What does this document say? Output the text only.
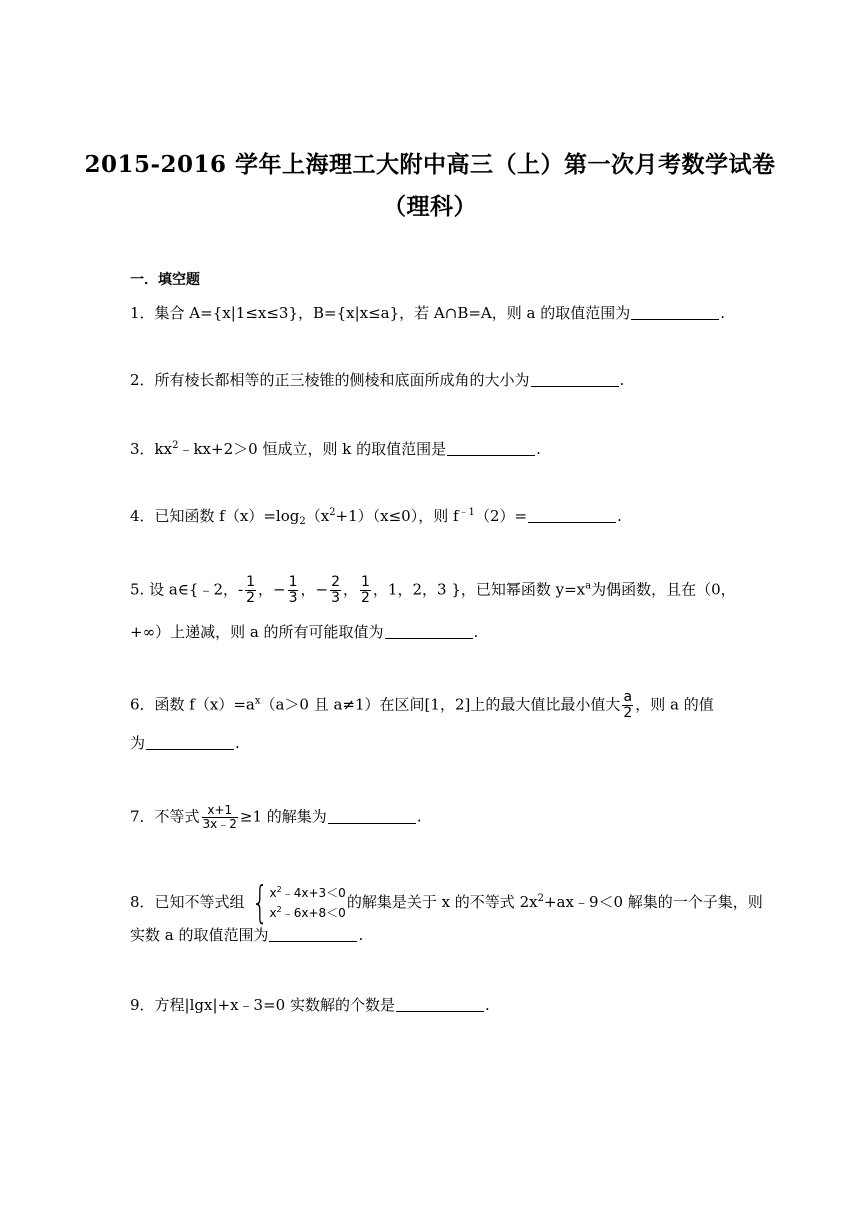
2015-2016 学年上海理工大附中高三（上）第一次月考数学试卷
（理科）
一．填空题
1．集合 A={x|1≤x≤3}，B={x|x≤a}，若 A∩B=A，则 a 的取值范围为	.
2．所有棱长都相等的正三棱锥的侧棱和底面所成角的大小为	.
3．$kx^2﹣kx+2>0$ 恒成立，则 k 的取值范围是	.
4．已知函数 $f(x)=\log_2(x^2+1)(x\le 0)$，则 $f^{﹣1}(2)=$	.
5. 设 a∈{﹣2，- $\frac{1}{2}$ ，− $\frac{1}{3}$ ，− $\frac{2}{3}$ ， $\frac{1}{2}$ ，1，2，3 }，已知幂函数 $y=x^a$为偶函数，且在（0，
+∞）上递减，则 a 的所有可能取值为	.
6．函数 $f(x)=a^x(a>0$ 且 a≠1）在区间[1，2]上的最大值比最小值大 $\frac{a}{2}$ ，则 a 的值
为	.
7．不等式 $\frac{x+1}{3x﹣2} \ge 1$ 的解集为	.
8．已知不等式组 { $x^2﹣4x+3<0$
$x^2﹣6x+8<0$
的解集是关于 x 的不等式 $2x^2+ax﹣9<0$ 解集的一个子集，则
实数 a 的取值范围为	.
9．方程|lgx|+x﹣3=0 实数解的个数是	.
